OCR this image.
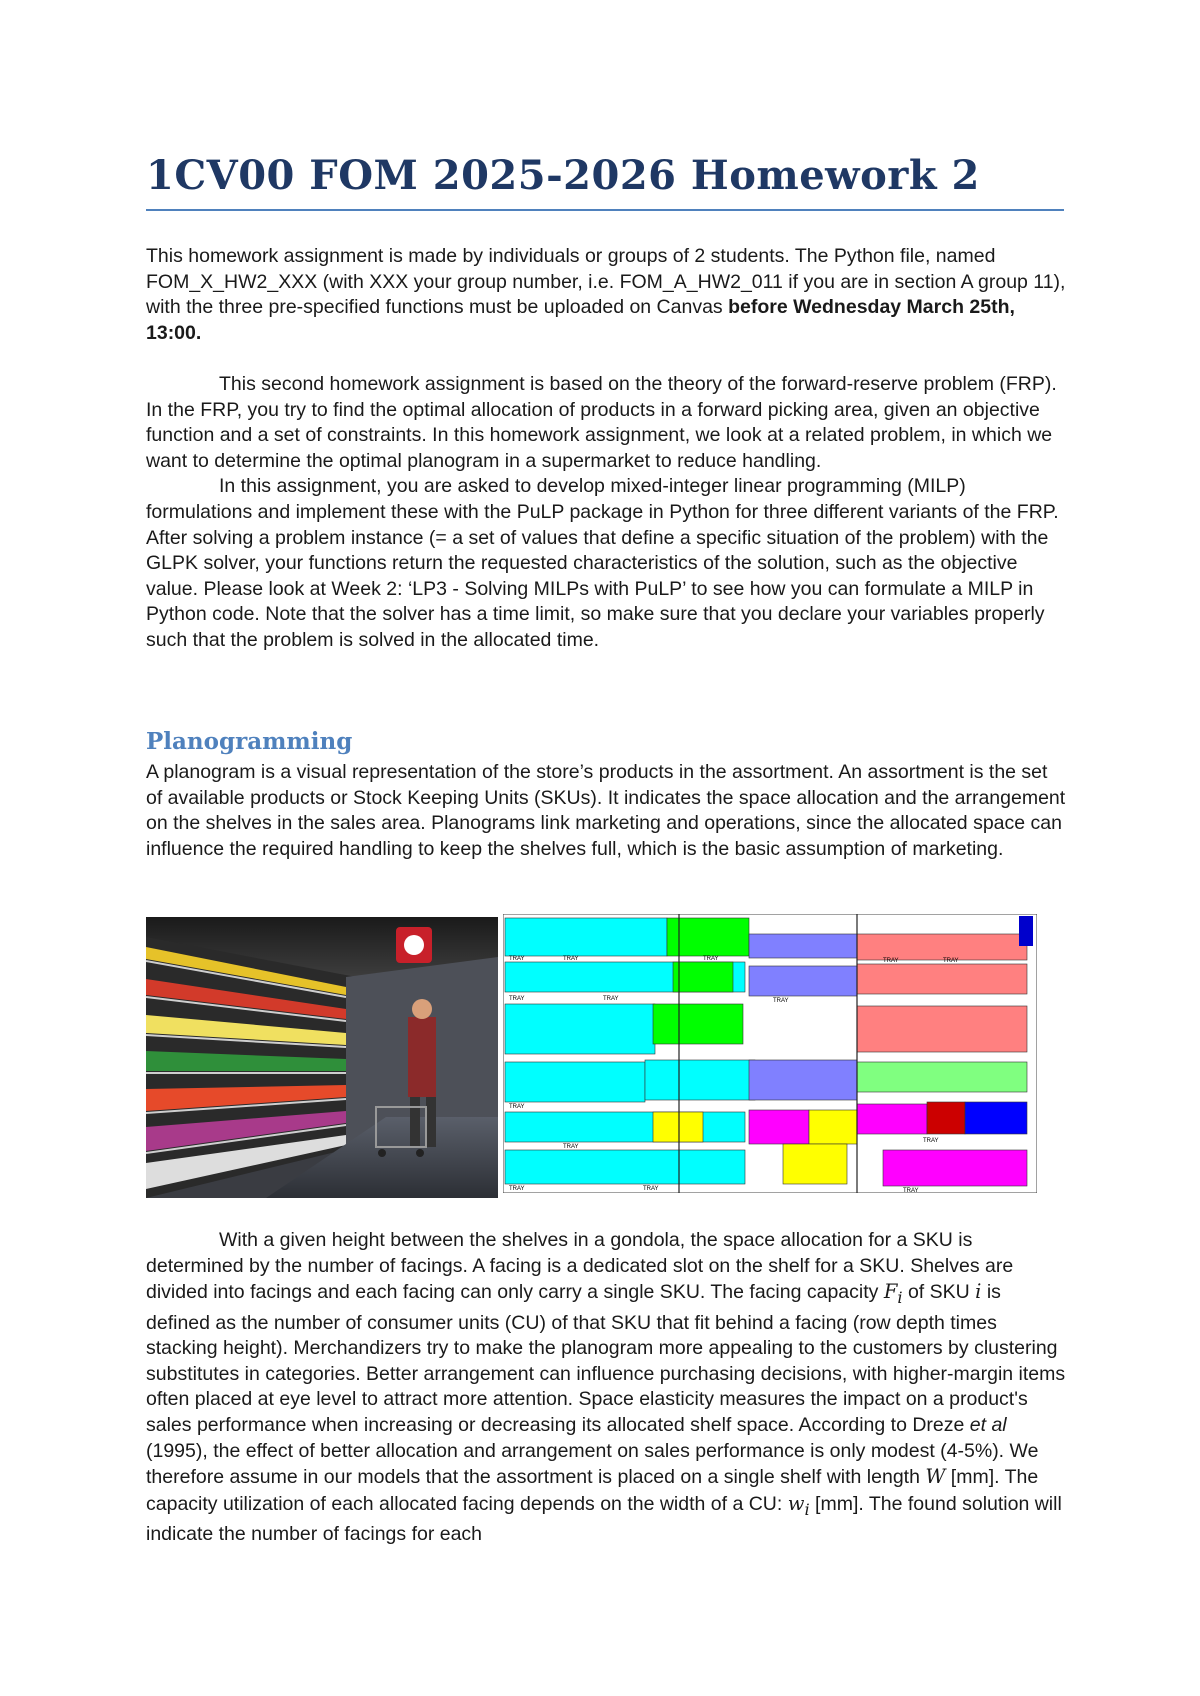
1CV00 FOM 2025-2026 Homework 2

This homework assignment is made by individuals or groups of 2 students. The Python file, named FOM_X_HW2_XXX (with XXX your group number, i.e. FOM_A_HW2_011 if you are in section A group 11), with the three pre-specified functions must be uploaded on Canvas before Wednesday March 25th, 13:00.

This second homework assignment is based on the theory of the forward-reserve problem (FRP). In the FRP, you try to find the optimal allocation of products in a forward picking area, given an objective function and a set of constraints. In this homework assignment, we look at a related problem, in which we want to determine the optimal planogram in a supermarket to reduce handling.

In this assignment, you are asked to develop mixed-integer linear programming (MILP) formulations and implement these with the PuLP package in Python for three different variants of the FRP. After solving a problem instance (= a set of values that define a specific situation of the problem) with the GLPK solver, your functions return the requested characteristics of the solution, such as the objective value. Please look at Week 2: ‘LP3 - Solving MILPs with PuLP’ to see how you can formulate a MILP in Python code. Note that the solver has a time limit, so make sure that you declare your variables properly such that the problem is solved in the allocated time.

Planogramming

A planogram is a visual representation of the store’s products in the assortment. An assortment is the set of available products or Stock Keeping Units (SKUs). It indicates the space allocation and the arrangement on the shelves in the sales area. Planograms link marketing and operations, since the allocated space can influence the required handling to keep the shelves full, which is the basic assumption of marketing.

TRAY	TRAY	TRAY	TRAY	TRAY
TRAY	TRAY	TRAY
TRAY
TRAY
TRAY
TRAY	TRAY	TRAY

With a given height between the shelves in a gondola, the space allocation for a SKU is determined by the number of facings. A facing is a dedicated slot on the shelf for a SKU. Shelves are divided into facings and each facing can only carry a single SKU. The facing capacity $F_i$ of SKU i is defined as the number of consumer units (CU) of that SKU that fit behind a facing (row depth times stacking height). Merchandizers try to make the planogram more appealing to the customers by clustering substitutes in categories. Better arrangement can influence purchasing decisions, with higher-margin items often placed at eye level to attract more attention. Space elasticity measures the impact on a product's sales performance when increasing or decreasing its allocated shelf space. According to Dreze et al (1995), the effect of better allocation and arrangement on sales performance is only modest (4-5%). We therefore assume in our models that the assortment is placed on a single shelf with length W [mm]. The capacity utilization of each allocated facing depends on the width of a CU: $w_i$ [mm]. The found solution will indicate the number of facings for each
